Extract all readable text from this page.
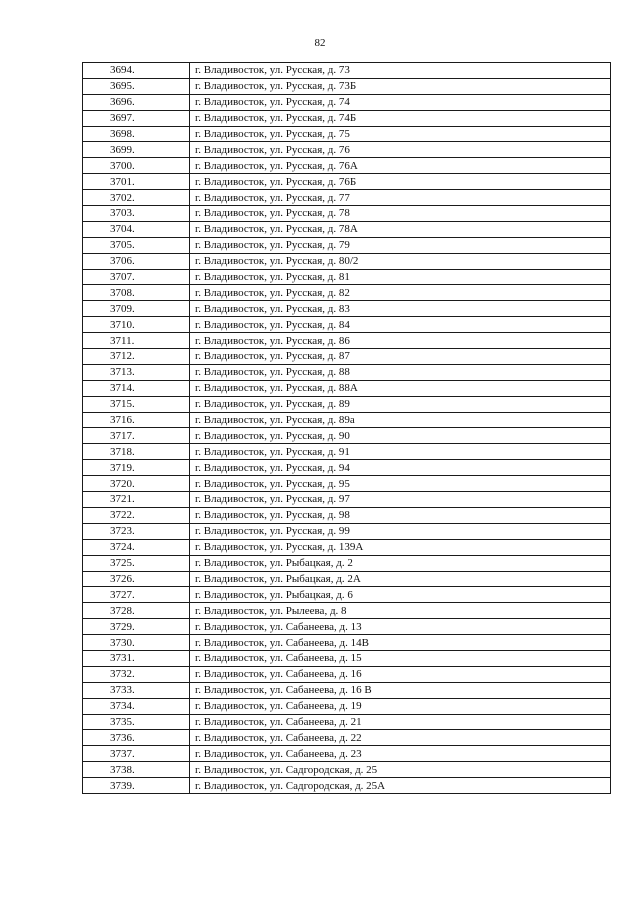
82
3694.	г. Владивосток, ул. Русская, д. 73
3695.	г. Владивосток, ул. Русская, д. 73Б
3696.	г. Владивосток, ул. Русская, д. 74
3697.	г. Владивосток, ул. Русская, д. 74Б
3698.	г. Владивосток, ул. Русская, д. 75
3699.	г. Владивосток, ул. Русская, д. 76
3700.	г. Владивосток, ул. Русская, д. 76А
3701.	г. Владивосток, ул. Русская, д. 76Б
3702.	г. Владивосток, ул. Русская, д. 77
3703.	г. Владивосток, ул. Русская, д. 78
3704.	г. Владивосток, ул. Русская, д. 78А
3705.	г. Владивосток, ул. Русская, д. 79
3706.	г. Владивосток, ул. Русская, д. 80/2
3707.	г. Владивосток, ул. Русская, д. 81
3708.	г. Владивосток, ул. Русская, д. 82
3709.	г. Владивосток, ул. Русская, д. 83
3710.	г. Владивосток, ул. Русская, д. 84
3711.	г. Владивосток, ул. Русская, д. 86
3712.	г. Владивосток, ул. Русская, д. 87
3713.	г. Владивосток, ул. Русская, д. 88
3714.	г. Владивосток, ул. Русская, д. 88А
3715.	г. Владивосток, ул. Русская, д. 89
3716.	г. Владивосток, ул. Русская, д. 89а
3717.	г. Владивосток, ул. Русская, д. 90
3718.	г. Владивосток, ул. Русская, д. 91
3719.	г. Владивосток, ул. Русская, д. 94
3720.	г. Владивосток, ул. Русская, д. 95
3721.	г. Владивосток, ул. Русская, д. 97
3722.	г. Владивосток, ул. Русская, д. 98
3723.	г. Владивосток, ул. Русская, д. 99
3724.	г. Владивосток, ул. Русская, д. 139А
3725.	г. Владивосток, ул. Рыбацкая, д. 2
3726.	г. Владивосток, ул. Рыбацкая, д. 2А
3727.	г. Владивосток, ул. Рыбацкая, д. 6
3728.	г. Владивосток, ул. Рылеева, д. 8
3729.	г. Владивосток, ул. Сабанеева, д. 13
3730.	г. Владивосток, ул. Сабанеева, д. 14В
3731.	г. Владивосток, ул. Сабанеева, д. 15
3732.	г. Владивосток, ул. Сабанеева, д. 16
3733.	г. Владивосток, ул. Сабанеева, д. 16 В
3734.	г. Владивосток, ул. Сабанеева, д. 19
3735.	г. Владивосток, ул. Сабанеева, д. 21
3736.	г. Владивосток, ул. Сабанеева, д. 22
3737.	г. Владивосток, ул. Сабанеева, д. 23
3738.	г. Владивосток, ул. Садгородская, д. 25
3739.	г. Владивосток, ул. Садгородская, д. 25А
